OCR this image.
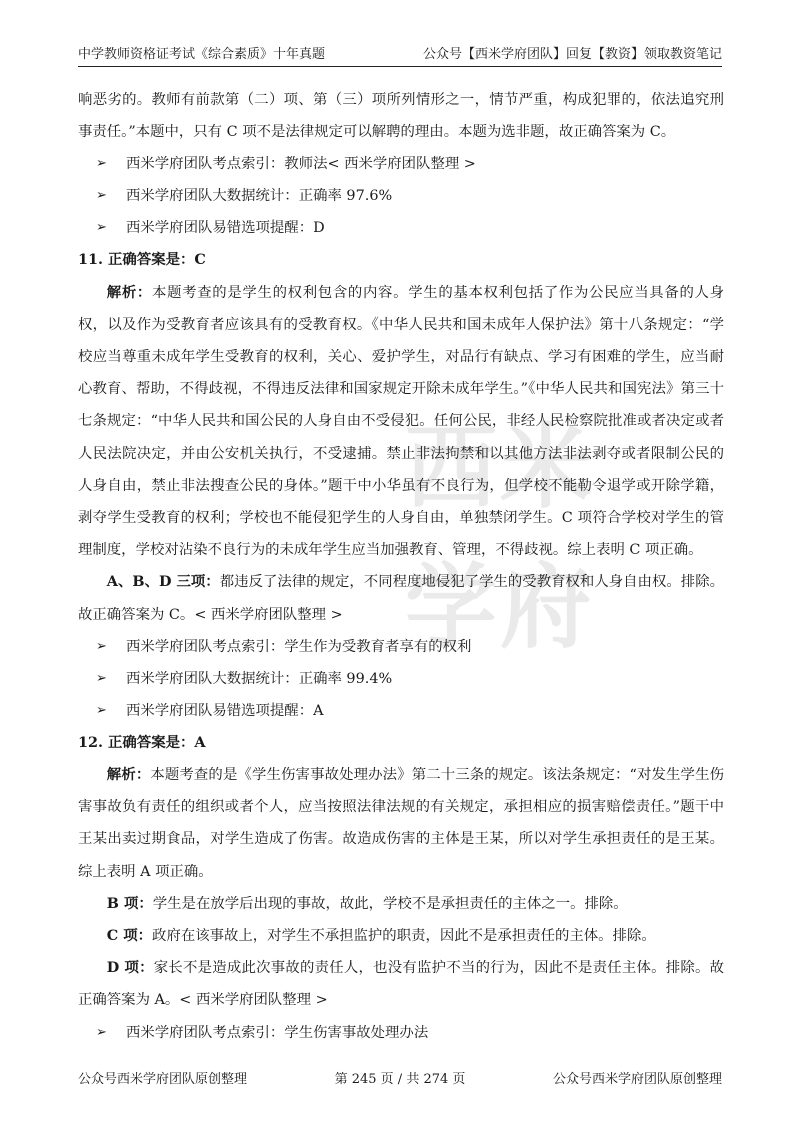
中学教师资格证考试《综合素质》十年真题	公众号【西米学府团队】回复【教资】领取教资笔记
西 米
学 府

响恶劣的。教师有前款第（二）项、第（三）项所列情形之一，情节严重，构成犯罪的，依法追究刑事责任。”本题中，只有 C 项不是法律规定可以解聘的理由。本题为选非题，故正确答案为 C。

➢	西米学府团队考点索引：教师法< 西米学府团队整理 >
➢	西米学府团队大数据统计：正确率 97.6%
➢	西米学府团队易错选项提醒：D

11. 正确答案是：C

解析：本题考查的是学生的权利包含的内容。学生的基本权利包括了作为公民应当具备的人身权，以及作为受教育者应该具有的受教育权。《中华人民共和国未成年人保护法》第十八条规定：“学校应当尊重未成年学生受教育的权利，关心、爱护学生，对品行有缺点、学习有困难的学生，应当耐心教育、帮助，不得歧视，不得违反法律和国家规定开除未成年学生。”《中华人民共和国宪法》第三十七条规定：“中华人民共和国公民的人身自由不受侵犯。任何公民，非经人民检察院批准或者决定或者人民法院决定，并由公安机关执行，不受逮捕。禁止非法拘禁和以其他方法非法剥夺或者限制公民的人身自由，禁止非法搜查公民的身体。”题干中小华虽有不良行为，但学校不能勒令退学或开除学籍，剥夺学生受教育的权利；学校也不能侵犯学生的人身自由，单独禁闭学生。C 项符合学校对学生的管理制度，学校对沾染不良行为的未成年学生应当加强教育、管理，不得歧视。综上表明 C 项正确。

A、B、D 三项：都违反了法律的规定，不同程度地侵犯了学生的受教育权和人身自由权。排除。故正确答案为 C。< 西米学府团队整理 >

➢	西米学府团队考点索引：学生作为受教育者享有的权利
➢	西米学府团队大数据统计：正确率 99.4%
➢	西米学府团队易错选项提醒：A

12. 正确答案是：A

解析：本题考查的是《学生伤害事故处理办法》第二十三条的规定。该法条规定：“对发生学生伤害事故负有责任的组织或者个人，应当按照法律法规的有关规定，承担相应的损害赔偿责任。”题干中王某出卖过期食品，对学生造成了伤害。故造成伤害的主体是王某，所以对学生承担责任的是王某。综上表明 A 项正确。

B 项：学生是在放学后出现的事故，故此，学校不是承担责任的主体之一。排除。

C 项：政府在该事故上，对学生不承担监护的职责，因此不是承担责任的主体。排除。

D 项：家长不是造成此次事故的责任人，也没有监护不当的行为，因此不是责任主体。排除。故正确答案为 A。< 西米学府团队整理 >

➢	西米学府团队考点索引：学生伤害事故处理办法
公众号西米学府团队原创整理	第 245 页 / 共 274 页	公众号西米学府团队原创整理
